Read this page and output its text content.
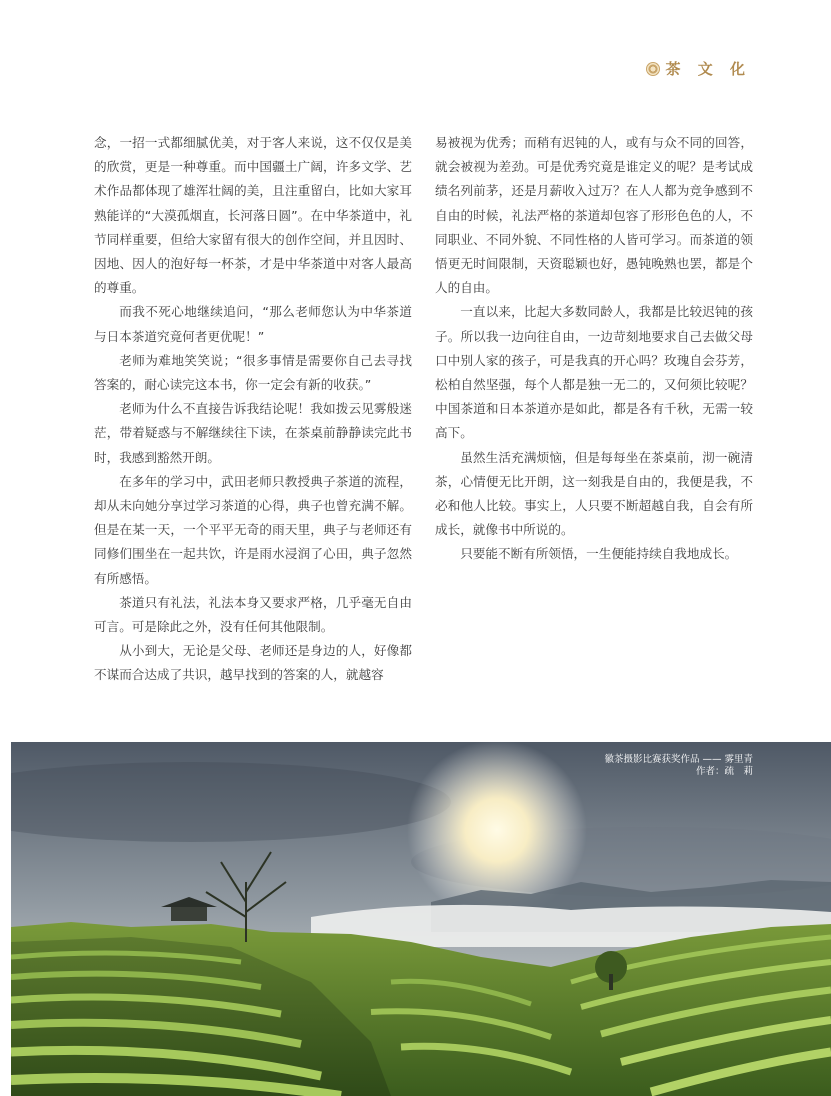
茶 文 化

念，一招一式都细腻优美，对于客人来说，这不仅仅是美的欣赏，更是一种尊重。而中国疆土广阔，许多文学、艺术作品都体现了雄浑壮阔的美，且注重留白，比如大家耳熟能详的“大漠孤烟直，长河落日圆”。在中华茶道中，礼节同样重要，但给大家留有很大的创作空间，并且因时、因地、因人的泡好每一杯茶，才是中华茶道中对客人最高的尊重。

而我不死心地继续追问，“那么老师您认为中华茶道与日本茶道究竟何者更优呢！”

老师为难地笑笑说；“很多事情是需要你自己去寻找答案的，耐心读完这本书，你一定会有新的收获。”

老师为什么不直接告诉我结论呢！我如拨云见雾般迷茫，带着疑惑与不解继续往下读，在茶桌前静静读完此书时，我感到豁然开朗。

在多年的学习中，武田老师只教授典子茶道的流程，却从未向她分享过学习茶道的心得，典子也曾充满不解。但是在某一天，一个平平无奇的雨天里，典子与老师还有同修们围坐在一起共饮，许是雨水浸润了心田，典子忽然有所感悟。

茶道只有礼法，礼法本身又要求严格，几乎毫无自由可言。可是除此之外，没有任何其他限制。

从小到大，无论是父母、老师还是身边的人，好像都不谋而合达成了共识，越早找到的答案的人，就越容

易被视为优秀；而稍有迟钝的人，或有与众不同的回答，就会被视为差劲。可是优秀究竟是谁定义的呢？是考试成绩名列前茅，还是月薪收入过万？在人人都为竞争感到不自由的时候，礼法严格的茶道却包容了形形色色的人，不同职业、不同外貌、不同性格的人皆可学习。而茶道的领悟更无时间限制，天资聪颖也好，愚钝晚熟也罢，都是个人的自由。

一直以来，比起大多数同龄人，我都是比较迟钝的孩子。所以我一边向往自由，一边苛刻地要求自己去做父母口中别人家的孩子，可是我真的开心吗？玫瑰自会芬芳，松柏自然坚强，每个人都是独一无二的，又何须比较呢？中国茶道和日本茶道亦是如此，都是各有千秋，无需一较高下。

虽然生活充满烦恼，但是每每坐在茶桌前，沏一碗清茶，心情便无比开朗，这一刻我是自由的，我便是我，不必和他人比较。事实上，人只要不断超越自我，自会有所成长，就像书中所说的。

只要能不断有所领悟，一生便能持续自我地成长。

徽茶摄影比赛获奖作品 —— 雾里青
作者：疏　莉
